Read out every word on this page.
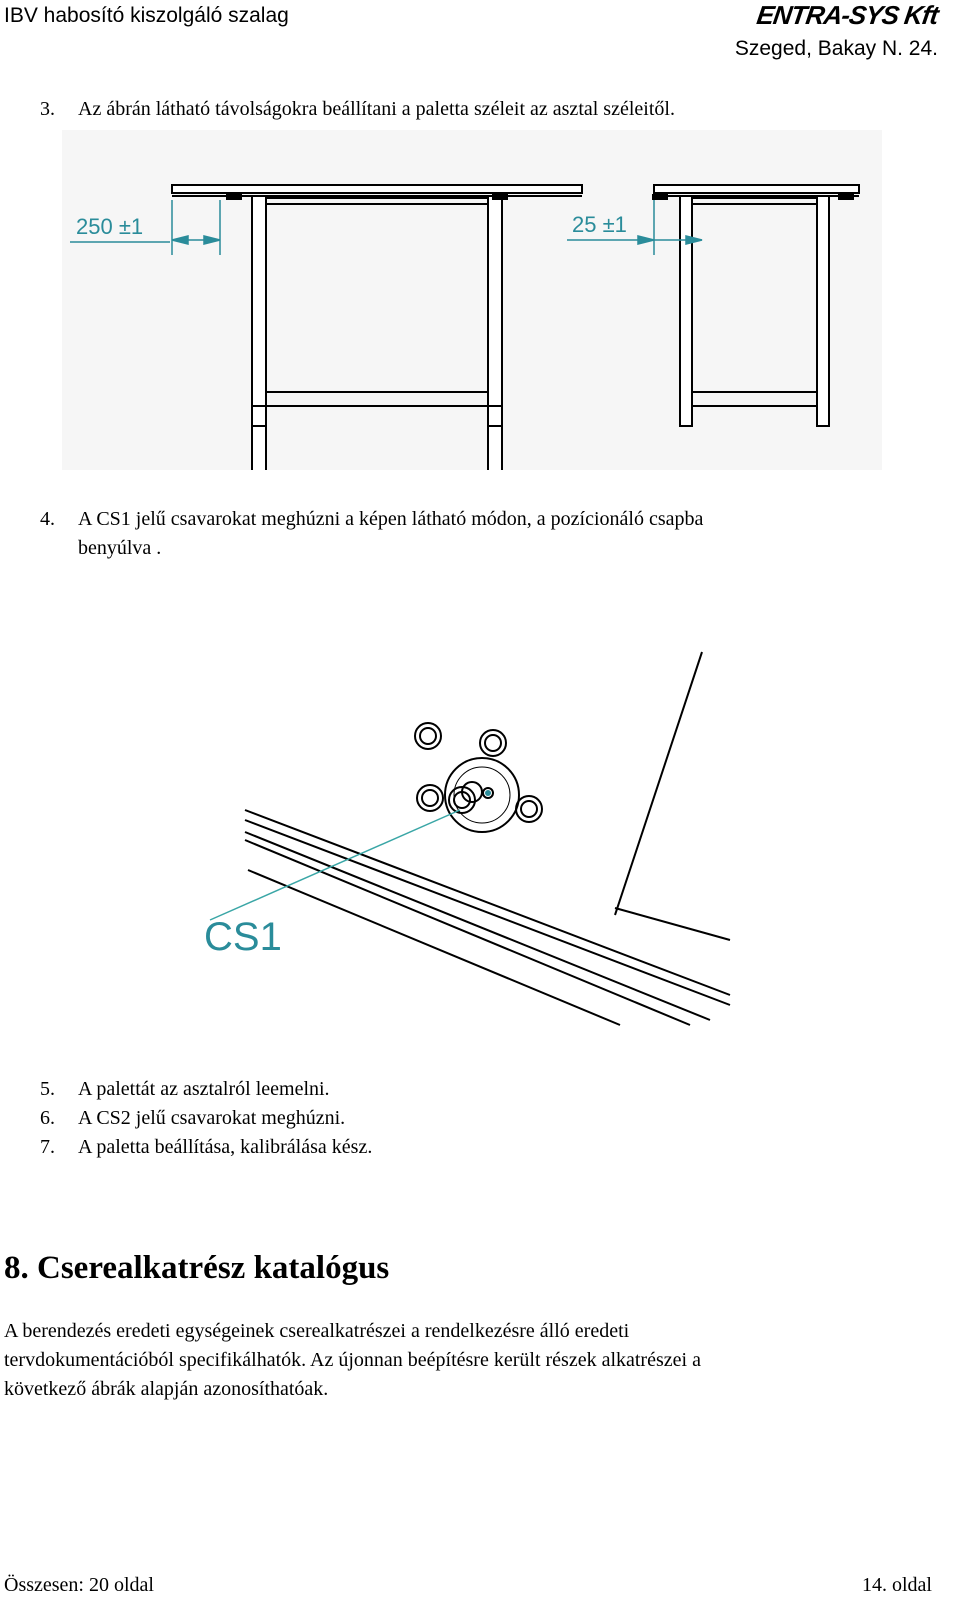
IBV habosító kiszolgáló szalag	ENTRA-SYS Kft
Szeged, Bakay N. 24.
3. Az ábrán látható távolságokra beállítani a paletta széleit az asztal széleitől.
250 ±1	25 ±1
4. A CS1 jelű csavarokat meghúzni a képen látható módon, a pozícionáló csapba
benyúlva .
CS1
5. A palettát az asztalról leemelni.
6. A CS2 jelű csavarokat meghúzni.
7. A paletta beállítása, kalibrálása kész.
8. Cserealkatrész katalógus
A berendezés eredeti egységeinek cserealkatrészei a rendelkezésre álló eredeti
tervdokumentációból specifikálhatók. Az újonnan beépítésre került részek alkatrészei a
következő ábrák alapján azonosíthatóak.
Összesen: 20 oldal	14. oldal
